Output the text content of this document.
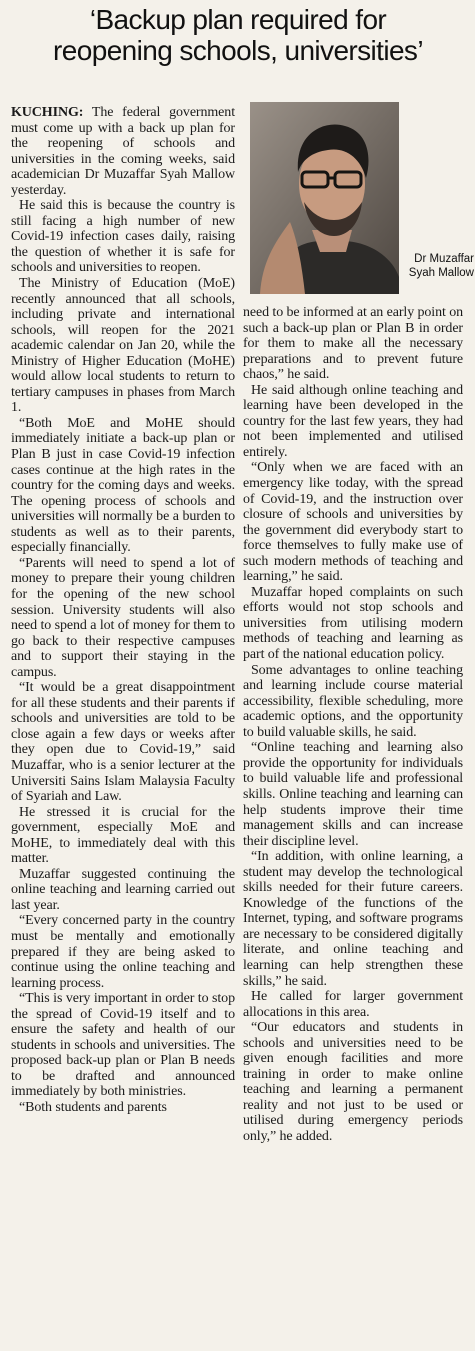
‘Backup plan required for
reopening schools, universities’
Dr Muzaffar
Syah Mallow

KUCHING: The federal government must come up with a back up plan for the reopening of schools and universities in the coming weeks, said academician Dr Muzaffar Syah Mallow yesterday.

He said this is because the country is still facing a high number of new Covid-19 infection cases daily, raising the question of whether it is safe for schools and universities to reopen.

The Ministry of Education (MoE) recently announced that all schools, including private and international schools, will reopen for the 2021 academic calendar on Jan 20, while the Ministry of Higher Education (MoHE) would allow local students to return to tertiary campuses in phases from March 1.

“Both MoE and MoHE should immediately initiate a back-up plan or Plan B just in case Covid-19 infection cases continue at the high rates in the country for the coming days and weeks. The opening process of schools and universities will normally be a burden to students as well as to their parents, especially financially.

“Parents will need to spend a lot of money to prepare their young children for the opening of the new school session. University students will also need to spend a lot of money for them to go back to their respective campuses and to support their staying in the campus.

“It would be a great disappointment for all these students and their parents if schools and universities are told to be close again a few days or weeks after they open due to Covid-19,” said Muzaffar, who is a senior lecturer at the Universiti Sains Islam Malaysia Faculty of Syariah and Law.

He stressed it is crucial for the government, especially MoE and MoHE, to immediately deal with this matter.

Muzaffar suggested continuing the online teaching and learning carried out last year.

“Every concerned party in the country must be mentally and emotionally prepared if they are being asked to continue using the online teaching and learning process.

“This is very important in order to stop the spread of Covid-19 itself and to ensure the safety and health of our students in schools and universities. The proposed back-up plan or Plan B needs to be drafted and announced immediately by both ministries.

“Both students and parents

need to be informed at an early point on such a back-up plan or Plan B in order for them to make all the necessary preparations and to prevent future chaos,” he said.

He said although online teaching and learning have been developed in the country for the last few years, they had not been implemented and utilised entirely.

“Only when we are faced with an emergency like today, with the spread of Covid-19, and the instruction over closure of schools and universities by the government did everybody start to force themselves to fully make use of such modern methods of teaching and learning,” he said.

Muzaffar hoped complaints on such efforts would not stop schools and universities from utilising modern methods of teaching and learning as part of the national education policy.

Some advantages to online teaching and learning include course material accessibility, flexible scheduling, more academic options, and the opportunity to build valuable skills, he said.

“Online teaching and learning also provide the opportunity for individuals to build valuable life and professional skills. Online teaching and learning can help students improve their time management skills and can increase their discipline level.

“In addition, with online learning, a student may develop the technological skills needed for their future careers. Knowledge of the functions of the Internet, typing, and software programs are necessary to be considered digitally literate, and online teaching and learning can help strengthen these skills,” he said.

He called for larger government allocations in this area.

“Our educators and students in schools and universities need to be given enough facilities and more training in order to make online teaching and learning a permanent reality and not just to be used or utilised during emergency periods only,” he added.
